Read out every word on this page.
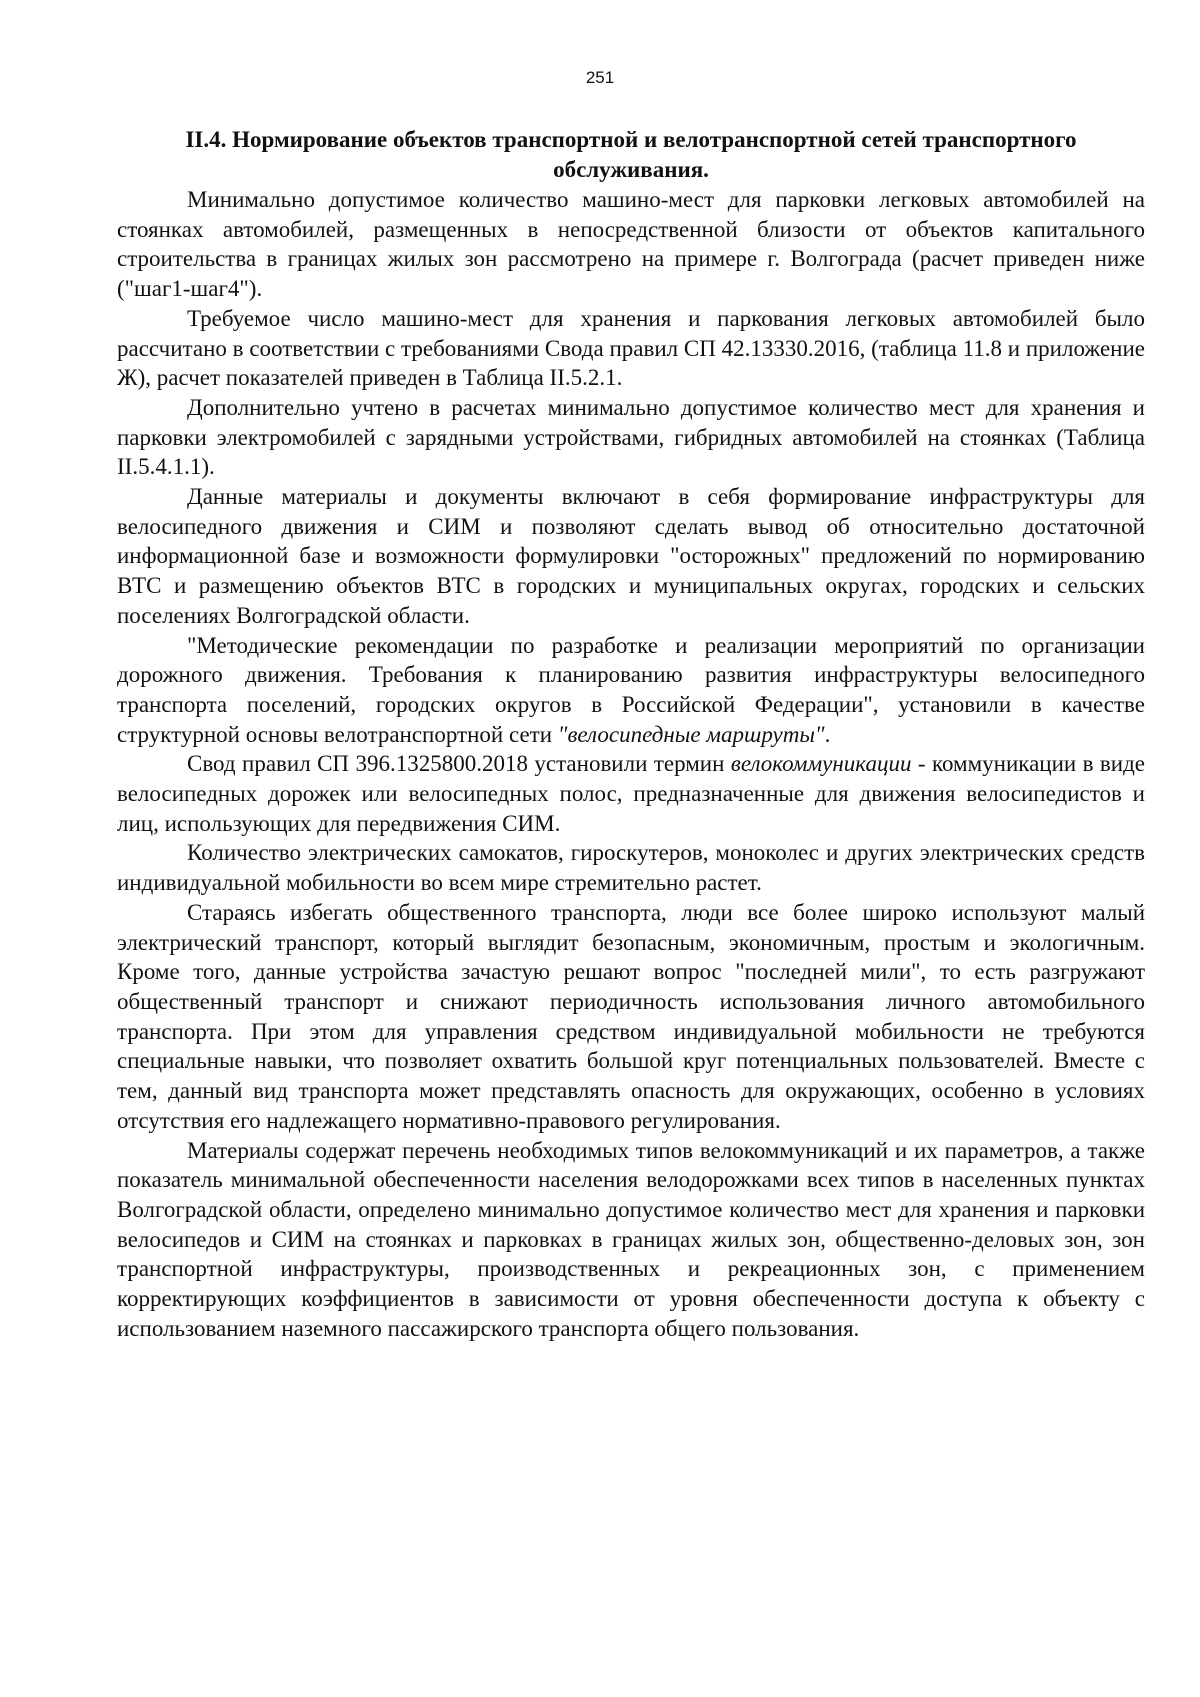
251
II.4. Нормирование объектов транспортной и велотранспортной сетей транспортного обслуживания.

Минимально допустимое количество машино-мест для парковки легковых автомобилей на стоянках автомобилей, размещенных в непосредственной близости от объектов капитального строительства в границах жилых зон рассмотрено на примере г. Волгограда (расчет приведен ниже ("шаг1-шаг4").

Требуемое число машино-мест для хранения и паркования легковых автомобилей было рассчитано в соответствии с требованиями Свода правил СП 42.13330.2016, (таблица 11.8 и приложение Ж), расчет показателей приведен в Таблица II.5.2.1.

Дополнительно учтено в расчетах минимально допустимое количество мест для хранения и парковки электромобилей с зарядными устройствами, гибридных автомобилей на стоянках (Таблица II.5.4.1.1).

Данные материалы и документы включают в себя формирование инфраструктуры для велосипедного движения и СИМ и позволяют сделать вывод об относительно достаточной информационной базе и возможности формулировки "осторожных" предложений по нормированию ВТС и размещению объектов ВТС в городских и муниципальных округах, городских и сельских поселениях Волгоградской области.

"Методические рекомендации по разработке и реализации мероприятий по организации дорожного движения. Требования к планированию развития инфраструктуры велосипедного транспорта поселений, городских округов в Российской Федерации", установили в качестве структурной основы велотранспортной сети "велосипедные маршруты".

Свод правил СП 396.1325800.2018 установили термин велокоммуникации - коммуникации в виде велосипедных дорожек или велосипедных полос, предназначенные для движения велосипедистов и лиц, использующих для передвижения СИМ.

Количество электрических самокатов, гироскутеров, моноколес и других электрических средств индивидуальной мобильности во всем мире стремительно растет.

Стараясь избегать общественного транспорта, люди все более широко используют малый электрический транспорт, который выглядит безопасным, экономичным, простым и экологичным. Кроме того, данные устройства зачастую решают вопрос "последней мили", то есть разгружают общественный транспорт и снижают периодичность использования личного автомобильного транспорта. При этом для управления средством индивидуальной мобильности не требуются специальные навыки, что позволяет охватить большой круг потенциальных пользователей. Вместе с тем, данный вид транспорта может представлять опасность для окружающих, особенно в условиях отсутствия его надлежащего нормативно-правового регулирования.

Материалы содержат перечень необходимых типов велокоммуникаций и их параметров, а также показатель минимальной обеспеченности населения велодорожками всех типов в населенных пунктах Волгоградской области, определено минимально допустимое количество мест для хранения и парковки велосипедов и СИМ на стоянках и парковках в границах жилых зон, общественно-деловых зон, зон транспортной инфраструктуры, производственных и рекреационных зон, с применением корректирующих коэффициентов в зависимости от уровня обеспеченности доступа к объекту с использованием наземного пассажирского транспорта общего пользования.
